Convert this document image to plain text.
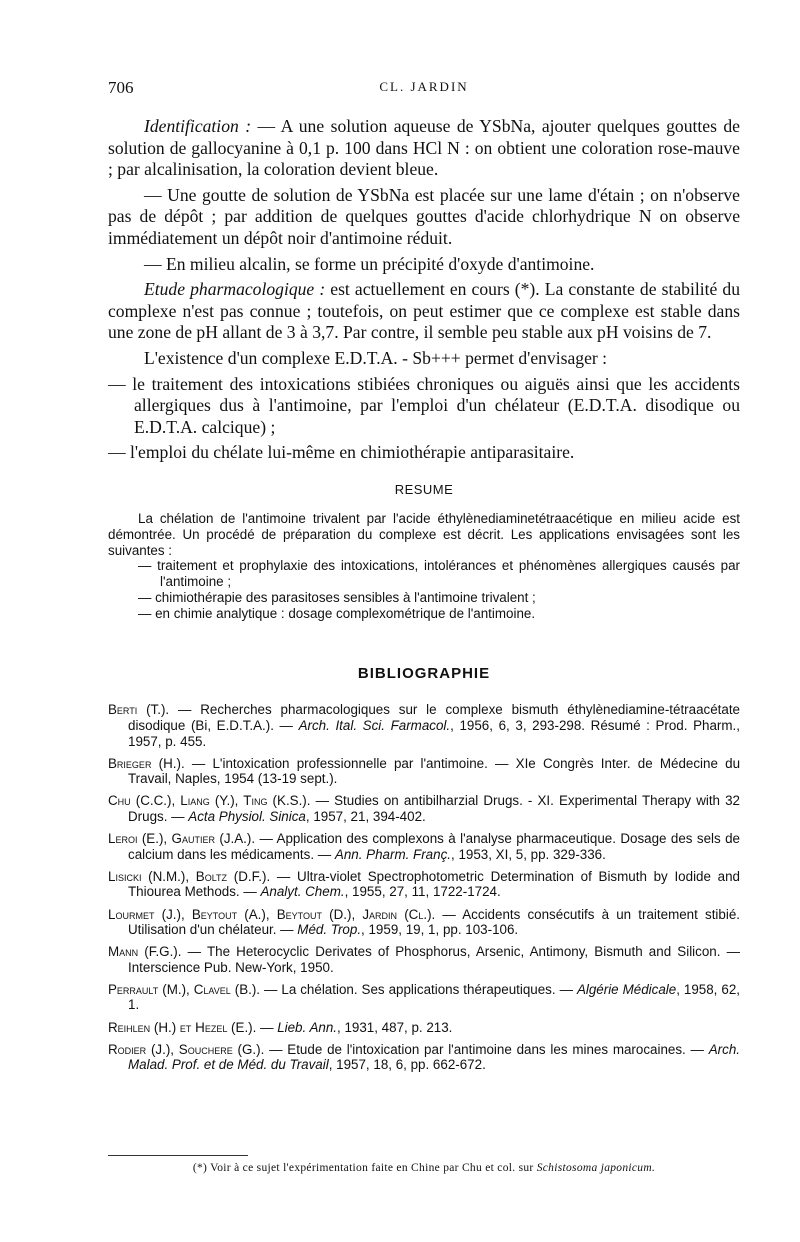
706	CL. JARDIN

Identification : — A une solution aqueuse de YSbNa, ajouter quelques gouttes de solution de gallocyanine à 0,1 p. 100 dans HCl N : on obtient une coloration rose-mauve ; par alcalinisation, la coloration devient bleue.

— Une goutte de solution de YSbNa est placée sur une lame d'étain ; on n'observe pas de dépôt ; par addition de quelques gouttes d'acide chlorhydrique N on observe immédiatement un dépôt noir d'antimoine réduit.

— En milieu alcalin, se forme un précipité d'oxyde d'antimoine.

Etude pharmacologique : est actuellement en cours (*). La constante de stabilité du complexe n'est pas connue ; toutefois, on peut estimer que ce complexe est stable dans une zone de pH allant de 3 à 3,7. Par contre, il semble peu stable aux pH voisins de 7.

L'existence d'un complexe E.D.T.A. - Sb+++ permet d'envisager :

— le traitement des intoxications stibiées chroniques ou aiguës ainsi que les accidents allergiques dus à l'antimoine, par l'emploi d'un chélateur (E.D.T.A. disodique ou E.D.T.A. calcique) ;

— l'emploi du chélate lui-même en chimiothérapie antiparasitaire.

RESUME

La chélation de l'antimoine trivalent par l'acide éthylènediaminetétraacétique en milieu acide est démontrée. Un procédé de préparation du complexe est décrit. Les applications envisagées sont les suivantes :

— traitement et prophylaxie des intoxications, intolérances et phénomènes allergiques causés par l'antimoine ;

— chimiothérapie des parasitoses sensibles à l'antimoine trivalent ;

— en chimie analytique : dosage complexométrique de l'antimoine.

BIBLIOGRAPHIE

Berti (T.). — Recherches pharmacologiques sur le complexe bismuth éthylènediamine-tétraacétate disodique (Bi, E.D.T.A.). — Arch. Ital. Sci. Farmacol., 1956, 6, 3, 293-298. Résumé : Prod. Pharm., 1957, p. 455.

Brieger (H.). — L'intoxication professionnelle par l'antimoine. — XIe Congrès Inter. de Médecine du Travail, Naples, 1954 (13-19 sept.).

Chu (C.C.), Liang (Y.), Ting (K.S.). — Studies on antibilharzial Drugs. - XI. Experimental Therapy with 32 Drugs. — Acta Physiol. Sinica, 1957, 21, 394-402.

Leroi (E.), Gautier (J.A.). — Application des complexons à l'analyse pharmaceutique. Dosage des sels de calcium dans les médicaments. — Ann. Pharm. Franç., 1953, XI, 5, pp. 329-336.

Lisicki (N.M.), Boltz (D.F.). — Ultra-violet Spectrophotometric Determination of Bismuth by Iodide and Thiourea Methods. — Analyt. Chem., 1955, 27, 11, 1722-1724.

Lourmet (J.), Beytout (A.), Beytout (D.), Jardin (Cl.). — Accidents consécutifs à un traitement stibié. Utilisation d'un chélateur. — Méd. Trop., 1959, 19, 1, pp. 103-106.

Mann (F.G.). — The Heterocyclic Derivates of Phosphorus, Arsenic, Antimony, Bismuth and Silicon. — Interscience Pub. New-York, 1950.

Perrault (M.), Clavel (B.). — La chélation. Ses applications thérapeutiques. — Algérie Médicale, 1958, 62, 1.

Reihlen (H.) et Hezel (E.). — Lieb. Ann., 1931, 487, p. 213.

Rodier (J.), Souchere (G.). — Etude de l'intoxication par l'antimoine dans les mines marocaines. — Arch. Malad. Prof. et de Méd. du Travail, 1957, 18, 6, pp. 662-672.

(*) Voir à ce sujet l'expérimentation faite en Chine par Chu et col. sur Schistosoma japonicum.
